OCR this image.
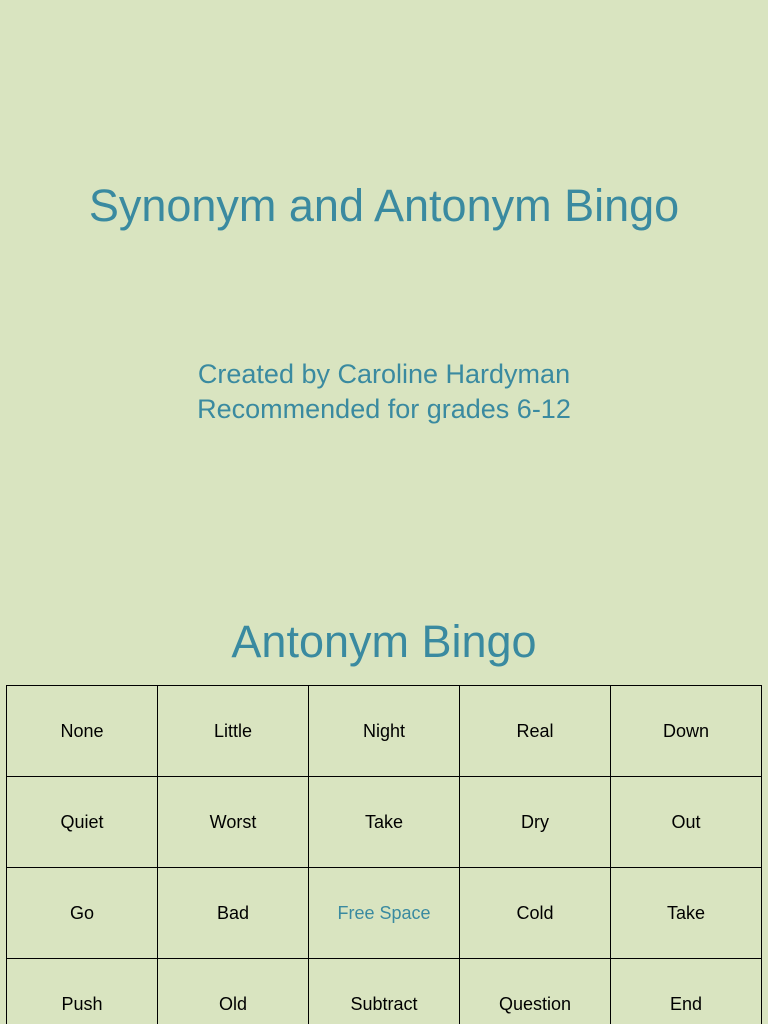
Synonym and Antonym Bingo
Created by Caroline Hardyman
Recommended for grades 6-12
Antonym Bingo
None	Little	Night	Real	Down
Quiet	Worst	Take	Dry	Out
Go	Bad	Free Space	Cold	Take
Push	Old	Subtract	Question	End
